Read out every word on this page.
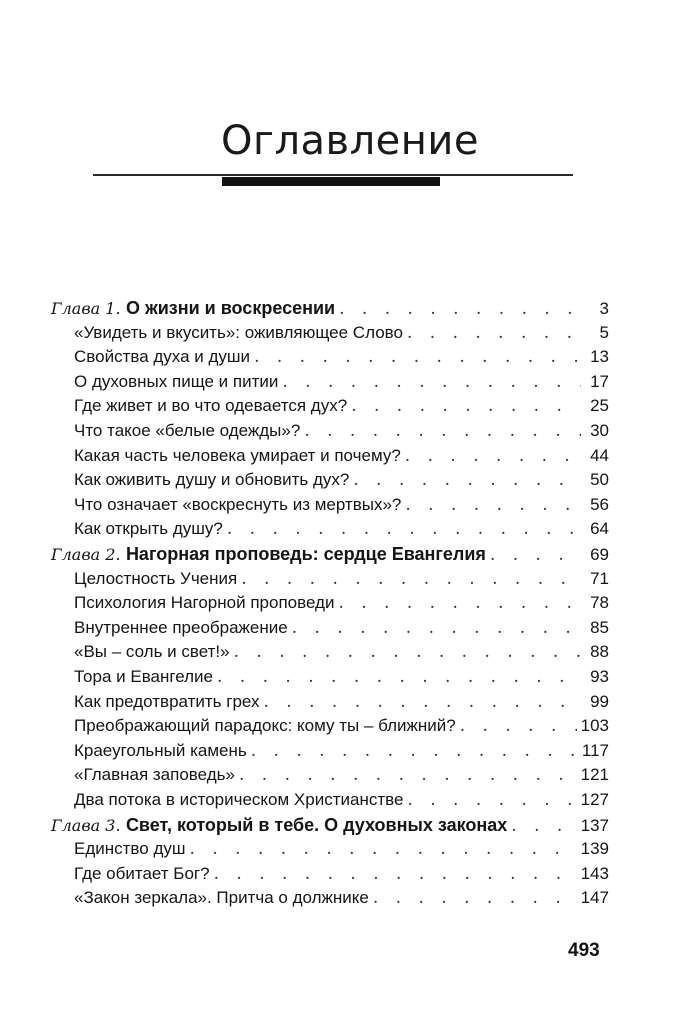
Оглавление
Глава 1. О жизни и воскресении . . .	3
«Увидеть и вкусить»: оживляющее Слово . . .	5
Свойства духа и души . . .	13
О духовных пище и питии . . .	17
Где живет и во что одевается дух? . . .	25
Что такое «белые одежды»? . . .	30
Какая часть человека умирает и почему? . . .	44
Как оживить душу и обновить дух? . . .	50
Что означает «воскреснуть из мертвых»? . . .	56
Как открыть душу? . . .	64
Глава 2. Нагорная проповедь: сердце Евангелия . . .	69
Целостность Учения . . .	71
Психология Нагорной проповеди . . .	78
Внутреннее преображение . . .	85
«Вы – соль и свет!» . . .	88
Тора и Евангелие . . .	93
Как предотвратить грех . . .	99
Преображающий парадокс: кому ты – ближний? . . .	103
Краеугольный камень . . .	117
«Главная заповедь» . . .	121
Два потока в историческом Христианстве . . .	127
Глава 3. Свет, который в тебе. О духовных законах . . .	137
Единство душ . . .	139
Где обитает Бог? . . .	143
«Закон зеркала». Притча о должнике . . .	147
493
